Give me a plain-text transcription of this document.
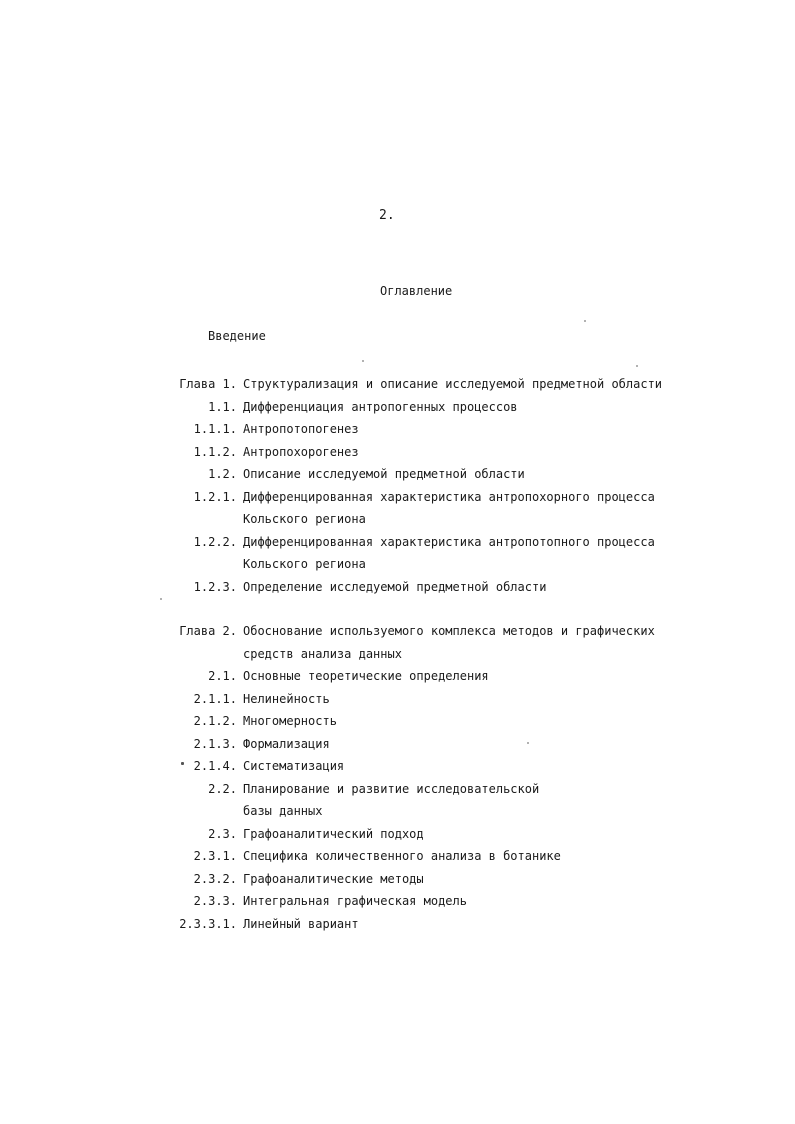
2.
Оглавление
Введение
Глава 1. Структурализация и описание исследуемой предметной области
1.1. Дифференциация антропогенных процессов
1.1.1. Антропотопогенез
1.1.2. Антропохорогенез
1.2. Описание исследуемой предметной области
1.2.1. Дифференцированная характеристика антропохорного процесса
Кольского региона
1.2.2. Дифференцированная характеристика антропотопного процесса
Кольского региона
1.2.3. Определение исследуемой предметной области
Глава 2. Обоснование используемого комплекса методов и графических
средств анализа данных
2.1. Основные теоретические определения
2.1.1. Нелинейность
2.1.2. Многомерность
2.1.3. Формализация
2.1.4. Систематизация
2.2. Планирование и развитие исследовательской
базы данных
2.3. Графоаналитический подход
2.3.1. Специфика количественного анализа в ботанике
2.3.2. Графоаналитические методы
2.3.3. Интегральная графическая модель
2.3.3.1. Линейный вариант
